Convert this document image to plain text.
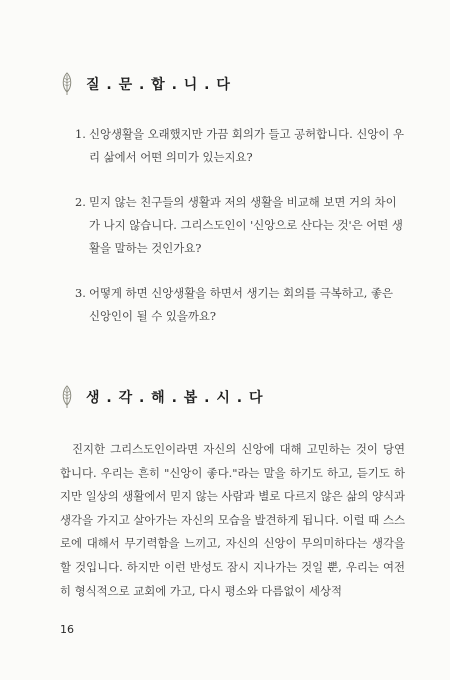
질 . 문 . 합 . 니 . 다
1. 신앙생활을 오래했지만 가끔 회의가 들고 공허합니다. 신앙이 우리 삶에서 어떤 의미가 있는지요?
2. 믿지 않는 친구들의 생활과 저의 생활을 비교해 보면 거의 차이가 나지 않습니다. 그리스도인이 '신앙으로 산다는 것'은 어떤 생활을 말하는 것인가요?
3. 어떻게 하면 신앙생활을 하면서 생기는 회의를 극복하고, 좋은 신앙인이 될 수 있을까요?
생 . 각 . 해 . 봅 . 시 . 다

진지한 그리스도인이라면 자신의 신앙에 대해 고민하는 것이 당연합니다. 우리는 흔히 "신앙이 좋다."라는 말을 하기도 하고, 듣기도 하지만 일상의 생활에서 믿지 않는 사람과 별로 다르지 않은 삶의 양식과 생각을 가지고 살아가는 자신의 모습을 발견하게 됩니다. 이럴 때 스스로에 대해서 무기력함을 느끼고, 자신의 신앙이 무의미하다는 생각을 할 것입니다. 하지만 이런 반성도 잠시 지나가는 것일 뿐, 우리는 여전히 형식적으로 교회에 가고, 다시 평소와 다름없이 세상적

16
